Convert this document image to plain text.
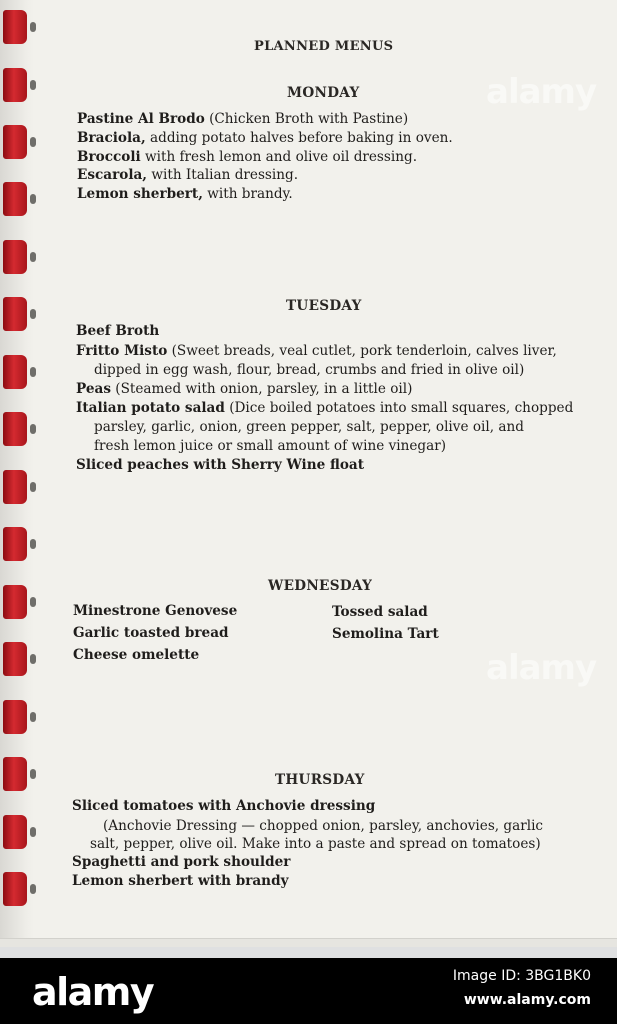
alamy
alamy
PLANNED MENUS
MONDAY
Pastine Al Brodo (Chicken Broth with Pastine)
Braciola, adding potato halves before baking in oven.
Broccoli with fresh lemon and olive oil dressing.
Escarola, with Italian dressing.
Lemon sherbert, with brandy.
TUESDAY
Beef Broth
Fritto Misto (Sweet breads, veal cutlet, pork tenderloin, calves liver,
dipped in egg wash, flour, bread, crumbs and fried in olive oil)
Peas (Steamed with onion, parsley, in a little oil)
Italian potato salad (Dice boiled potatoes into small squares, chopped
parsley, garlic, onion, green pepper, salt, pepper, olive oil, and
fresh lemon juice or small amount of wine vinegar)
Sliced peaches with Sherry Wine float
WEDNESDAY
Minestrone Genovese
Garlic toasted bread
Cheese omelette
Tossed salad
Semolina Tart
THURSDAY
Sliced tomatoes with Anchovie dressing
(Anchovie Dressing — chopped onion, parsley, anchovies, garlic
salt, pepper, olive oil. Make into a paste and spread on tomatoes)
Spaghetti and pork shoulder
Lemon sherbert with brandy
alamy	Image ID: 3BG1BK0
www.alamy.com
